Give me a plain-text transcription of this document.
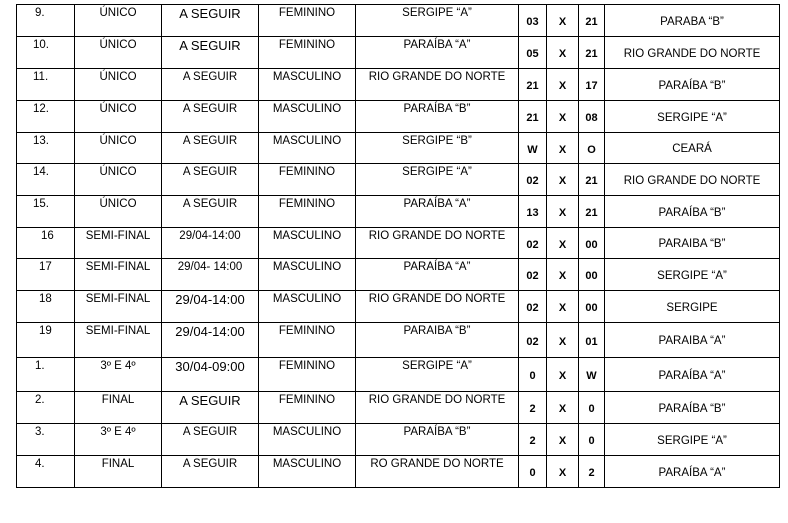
9.	ÚNICO	A SEGUIR	FEMININO	SERGIPE “A”	03	X	21	PARABA “B”
10.	ÚNICO	A SEGUIR	FEMININO	PARAÍBA “A”	05	X	21	RIO GRANDE DO NORTE
11.	ÚNICO	A SEGUIR	MASCULINO	RIO GRANDE DO NORTE	21	X	17	PARAÍBA “B”
12.	ÚNICO	A SEGUIR	MASCULINO	PARAÍBA “B”	21	X	08	SERGIPE “A”
13.	ÚNICO	A SEGUIR	MASCULINO	SERGIPE “B”	W	X	O	CEARÁ
14.	ÚNICO	A SEGUIR	FEMININO	SERGIPE “A”	02	X	21	RIO GRANDE DO NORTE
15.	ÚNICO	A SEGUIR	FEMININO	PARAÍBA “A”	13	X	21	PARAÍBA “B”
16	SEMI-FINAL	29/04-14:00	MASCULINO	RIO GRANDE DO NORTE	02	X	00	PARAIBA “B”
17	SEMI-FINAL	29/04- 14:00	MASCULINO	PARAÍBA “A”	02	X	00	SERGIPE “A”
18	SEMI-FINAL	29/04-14:00	MASCULINO	RIO GRANDE DO NORTE	02	X	00	SERGIPE
19	SEMI-FINAL	29/04-14:00	FEMININO	PARAIBA “B”	02	X	01	PARAIBA “A”
1.	3º E 4º	30/04-09:00	FEMININO	SERGIPE “A”	0	X	W	PARAÍBA “A”
2.	FINAL	A SEGUIR	FEMININO	RIO GRANDE DO NORTE	2	X	0	PARAÍBA “B”
3.	3º E 4º	A SEGUIR	MASCULINO	PARAÍBA “B”	2	X	0	SERGIPE “A”
4.	FINAL	A SEGUIR	MASCULINO	RO GRANDE DO NORTE	0	X	2	PARAÍBA “A”
